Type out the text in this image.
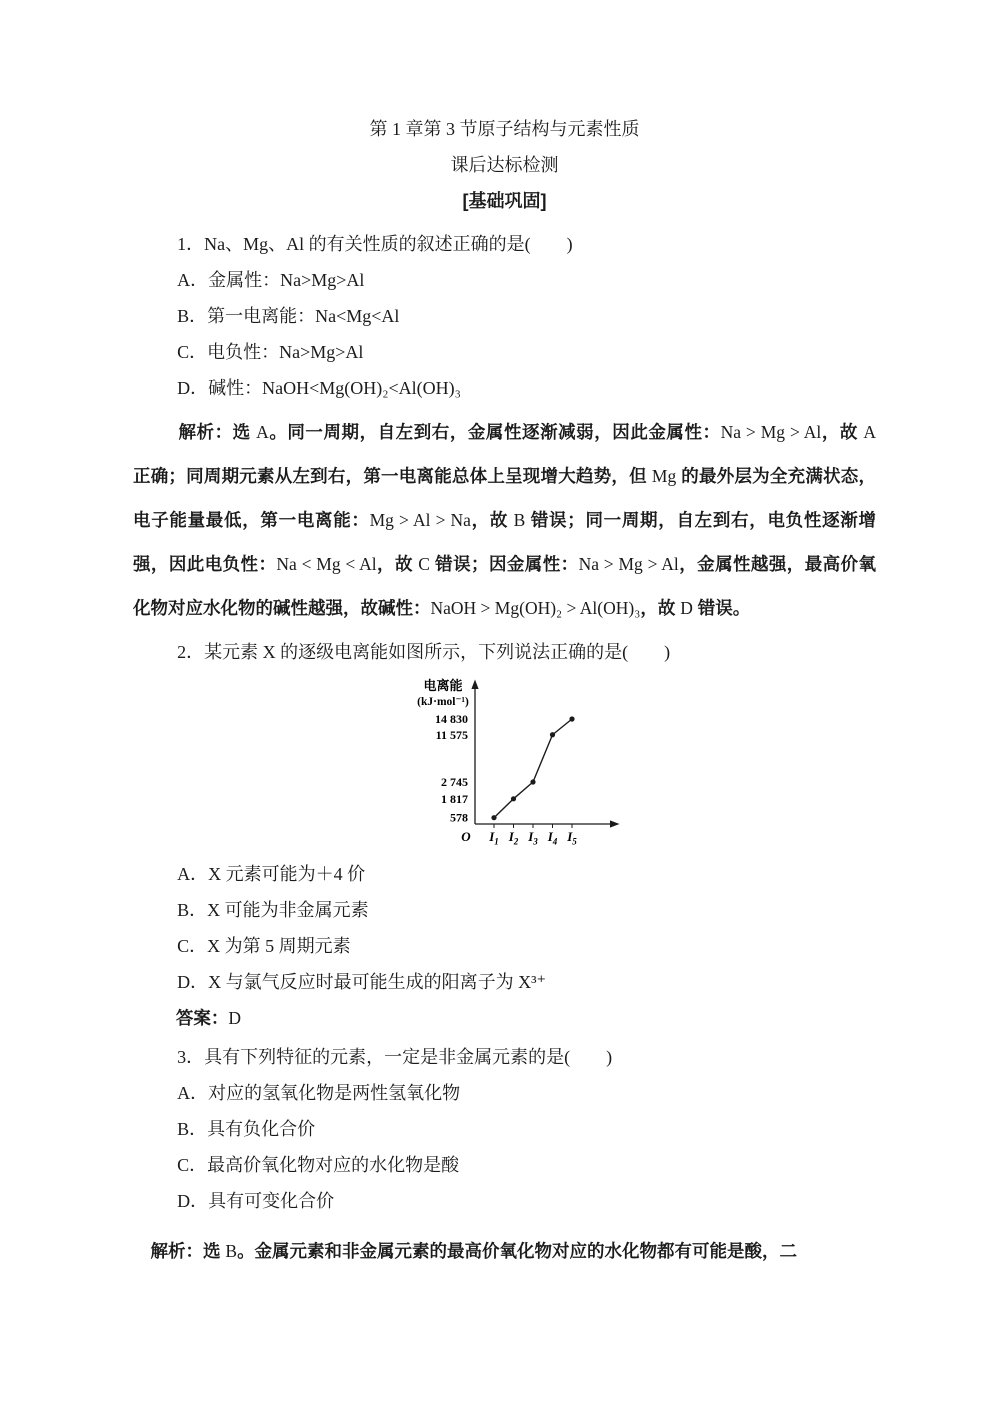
第 1 章第 3 节原子结构与元素性质

课后达标检测

[基础巩固]

1．Na、Mg、Al 的有关性质的叙述正确的是(　　)

A．金属性：Na>Mg>Al

B．第一电离能：Na<Mg<Al

C．电负性：Na>Mg>Al

D．碱性：NaOH<Mg(OH)₂<Al(OH)₃

解析：选 A。同一周期，自左到右，金属性逐渐减弱，因此金属性：Na > Mg > Al，故 A 正确；同周期元素从左到右，第一电离能总体上呈现增大趋势，但 Mg 的最外层为全充满状态，电子能量最低，第一电离能：Mg > Al > Na，故 B 错误；同一周期，自左到右，电负性逐渐增强，因此电负性：Na < Mg < Al，故 C 错误；因金属性：Na > Mg > Al，金属性越强，最高价氧化物对应水化物的碱性越强，故碱性：NaOH > Mg(OH)₂ > Al(OH)₃，故 D 错误。

2．某元素 X 的逐级电离能如图所示，下列说法正确的是(　　)

电离能
(kJ·mol⁻¹)
O
578
$I_1$
1 817
$I_2$
2 745
$I_3$
11 575
$I_4$
14 830
$I_5$

A．X 元素可能为＋4 价

B．X 可能为非金属元素

C．X 为第 5 周期元素

D．X 与氯气反应时最可能生成的阳离子为 X³⁺

答案：D

3．具有下列特征的元素，一定是非金属元素的是(　　)

A．对应的氢氧化物是两性氢氧化物

B．具有负化合价

C．最高价氧化物对应的水化物是酸

D．具有可变化合价

解析：选 B。金属元素和非金属元素的最高价氧化物对应的水化物都有可能是酸，二
